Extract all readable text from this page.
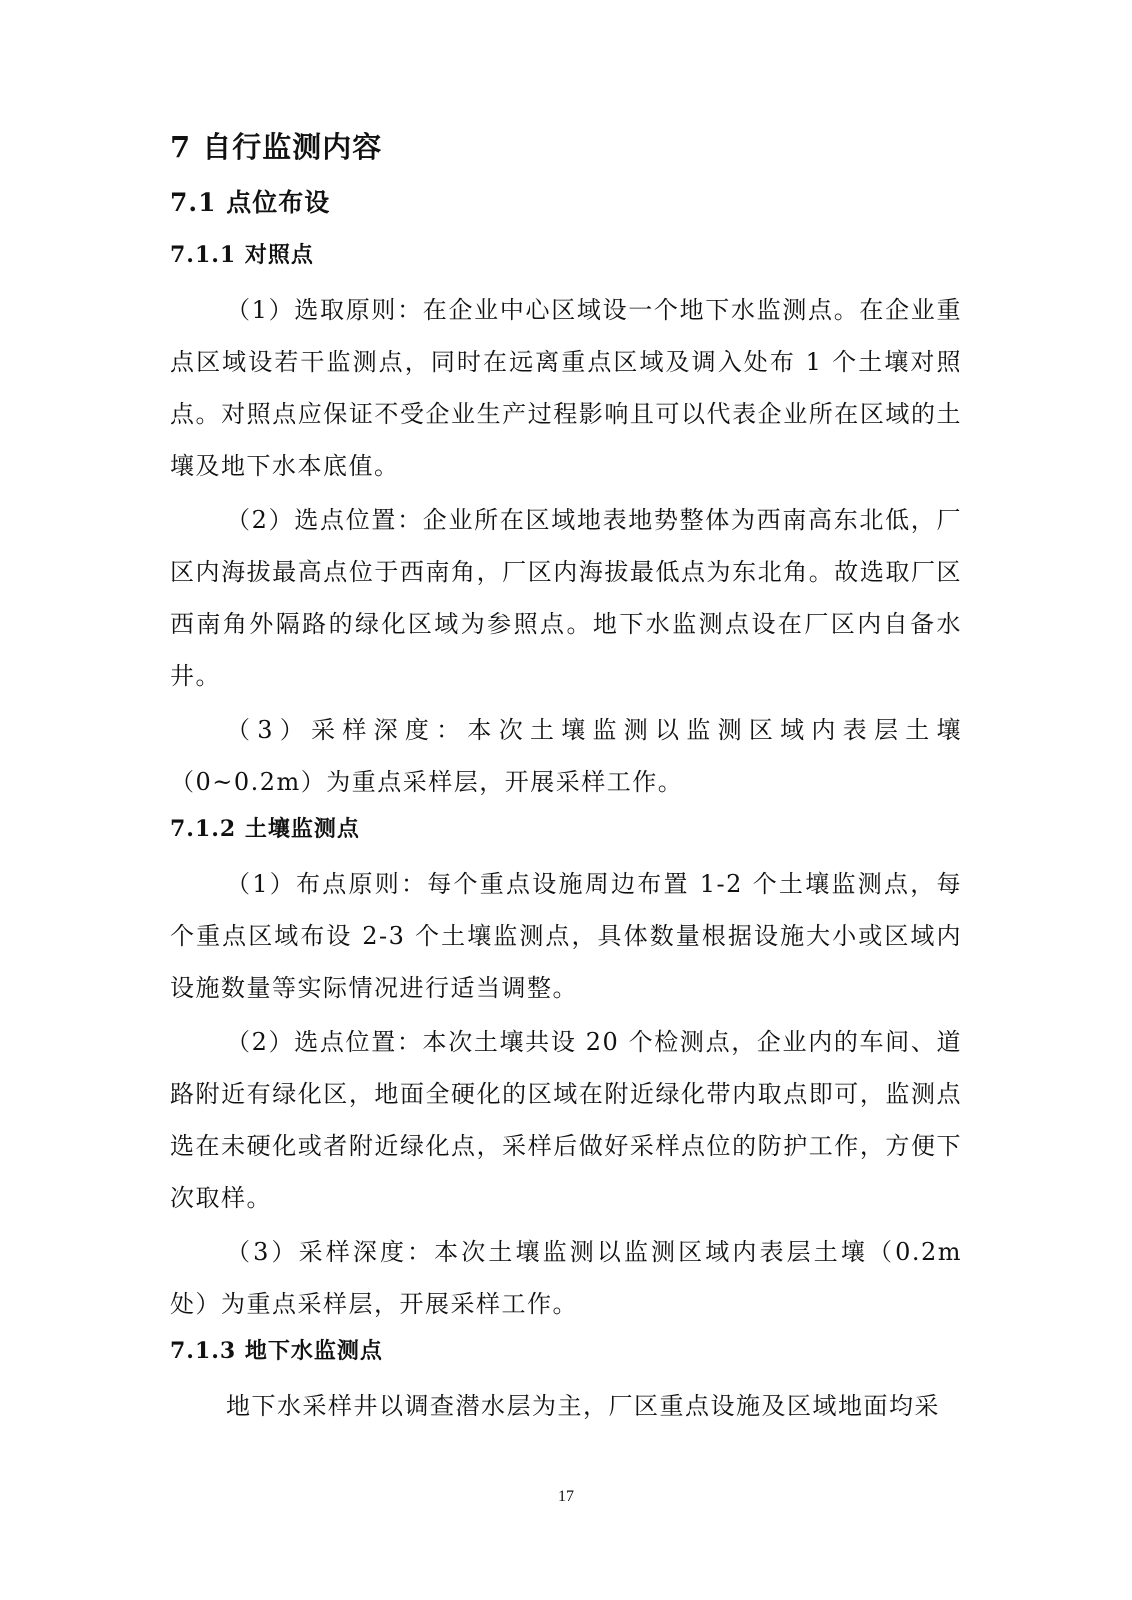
7 自行监测内容
7.1 点位布设
7.1.1 对照点
（1）选取原则：在企业中心区域设一个地下水监测点。在企业重点区域设若干监测点，同时在远离重点区域及调入处布 1 个土壤对照点。对照点应保证不受企业生产过程影响且可以代表企业所在区域的土壤及地下水本底值。
（2）选点位置：企业所在区域地表地势整体为西南高东北低，厂区内海拔最高点位于西南角，厂区内海拔最低点为东北角。故选取厂区西南角外隔路的绿化区域为参照点。地下水监测点设在厂区内自备水井。
（3）采样深度：本次土壤监测以监测区域内表层土壤（0~0.2m）为重点采样层，开展采样工作。
7.1.2 土壤监测点
（1）布点原则：每个重点设施周边布置 1-2 个土壤监测点，每个重点区域布设 2-3 个土壤监测点，具体数量根据设施大小或区域内设施数量等实际情况进行适当调整。
（2）选点位置：本次土壤共设 20 个检测点，企业内的车间、道路附近有绿化区，地面全硬化的区域在附近绿化带内取点即可，监测点选在未硬化或者附近绿化点，采样后做好采样点位的防护工作，方便下次取样。
（3）采样深度：本次土壤监测以监测区域内表层土壤（0.2m 处）为重点采样层，开展采样工作。
7.1.3 地下水监测点
地下水采样井以调查潜水层为主，厂区重点设施及区域地面均采
17
